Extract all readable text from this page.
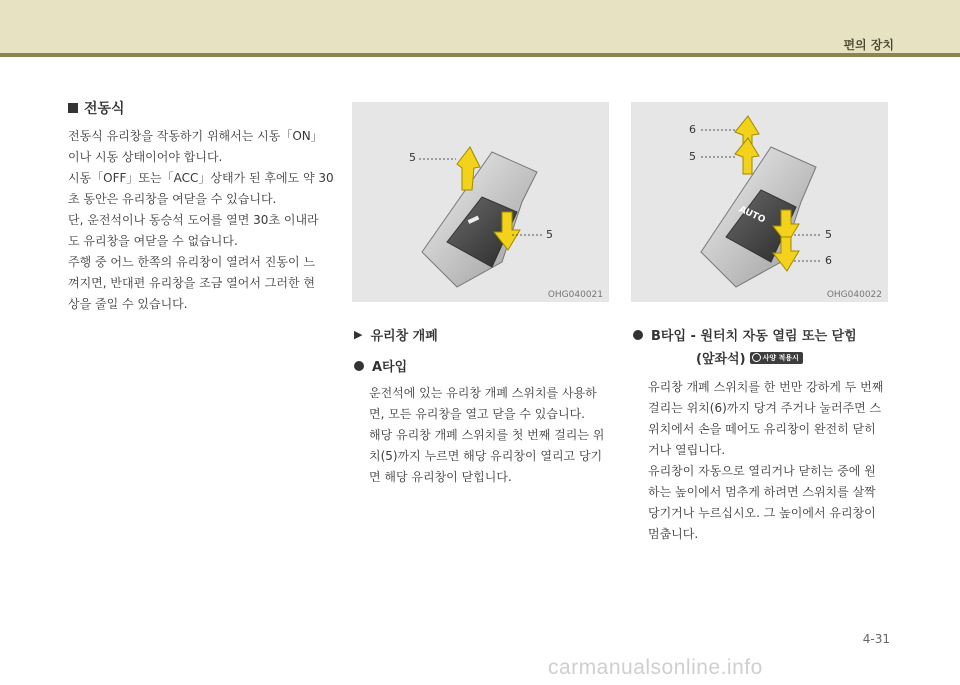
편의 장치
전동식
전동식 유리창을 작동하기 위해서는 시동「ON」
이나 시동 상태이어야 합니다.
시동「OFF」또는「ACC」상태가 된 후에도 약 30
초 동안은 유리창을 여닫을 수 있습니다.
단, 운전석이나 동승석 도어를 열면 30초 이내라
도 유리창을 여닫을 수 없습니다.
주행 중 어느 한쪽의 유리창이 열려서 진동이 느
껴지면, 반대편 유리창을 조금 열어서 그러한 현
상을 줄일 수 있습니다.
5
5
OHG040021
AUTO
6
5
5
6
OHG040022
▶ 유리창 개폐
A타입
운전석에 있는 유리창 개폐 스위치를 사용하
면, 모든 유리창을 열고 닫을 수 있습니다.
해당 유리창 개폐 스위치를 첫 번째 걸리는 위
치(5)까지 누르면 해당 유리창이 열리고 당기
면 해당 유리창이 닫힙니다.
B타입 - 원터치 자동 열림 또는 닫힘
(앞좌석) 사양 적용시
유리창 개폐 스위치를 한 번만 강하게 두 번째
걸리는 위치(6)까지 당겨 주거나 눌러주면 스
위치에서 손을 떼어도 유리창이 완전히 닫히
거나 열립니다.
유리창이 자동으로 열리거나 닫히는 중에 원
하는 높이에서 멈추게 하려면 스위치를 살짝
당기거나 누르십시오. 그 높이에서 유리창이
멈춥니다.
4-31
carmanualsonline.info
